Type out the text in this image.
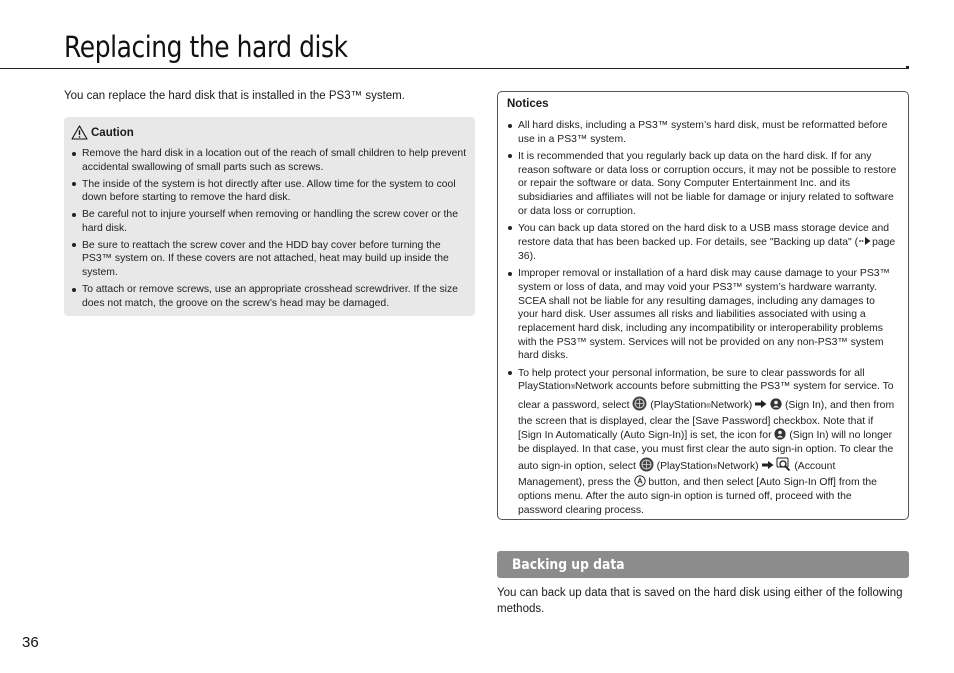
Replacing the hard disk

You can replace the hard disk that is installed in the PS3™ system.

Caution
Remove the hard disk in a location out of the reach of small children to help prevent accidental swallowing of small parts such as screws.
The inside of the system is hot directly after use. Allow time for the system to cool down before starting to remove the hard disk.
Be careful not to injure yourself when removing or handling the screw cover or the hard disk.
Be sure to reattach the screw cover and the HDD bay cover before turning the PS3™ system on. If these covers are not attached, heat may build up inside the system.
To attach or remove screws, use an appropriate crosshead screwdriver. If the size does not match, the groove on the screw’s head may be damaged.
Notices
All hard disks, including a PS3™ system’s hard disk, must be reformatted before use in a PS3™ system.
It is recommended that you regularly back up data on the hard disk. If for any reason software or data loss or corruption occurs, it may not be possible to restore or repair the software or data. Sony Computer Entertainment Inc. and its subsidiaries and affiliates will not be liable for damage or injury related to software or data loss or corruption.
You can back up data stored on the hard disk to a USB mass storage device and restore data that has been backed up. For details, see "Backing up data" ( page 36).
Improper removal or installation of a hard disk may cause damage to your PS3™ system or loss of data, and may void your PS3™ system’s hardware warranty. SCEA shall not be liable for any resulting damages, including any damages to your hard disk. User assumes all risks and liabilities associated with using a replacement hard disk, including any incompatibility or interoperability problems with the PS3™ system. Services will not be provided on any non-PS3™ system hard disks.
To help protect your personal information, be sure to clear passwords for all PlayStation®Network accounts before submitting the PS3™ system for service. To clear a password, select (PlayStation®Network)	(Sign In), and then from the screen that is displayed, clear the [Save Password] checkbox. Note that if [Sign In Automatically (Auto Sign-In)] is set, the icon for (Sign In) will no longer be displayed. In that case, you must first clear the auto sign-in option. To clear the auto sign-in option, select (PlayStation®Network)	(Account Management), press the button, and then select [Auto Sign-In Off] from the options menu. After the auto sign-in option is turned off, proceed with the password clearing process.
Backing up data

You can back up data that is saved on the hard disk using either of the following methods.

36
